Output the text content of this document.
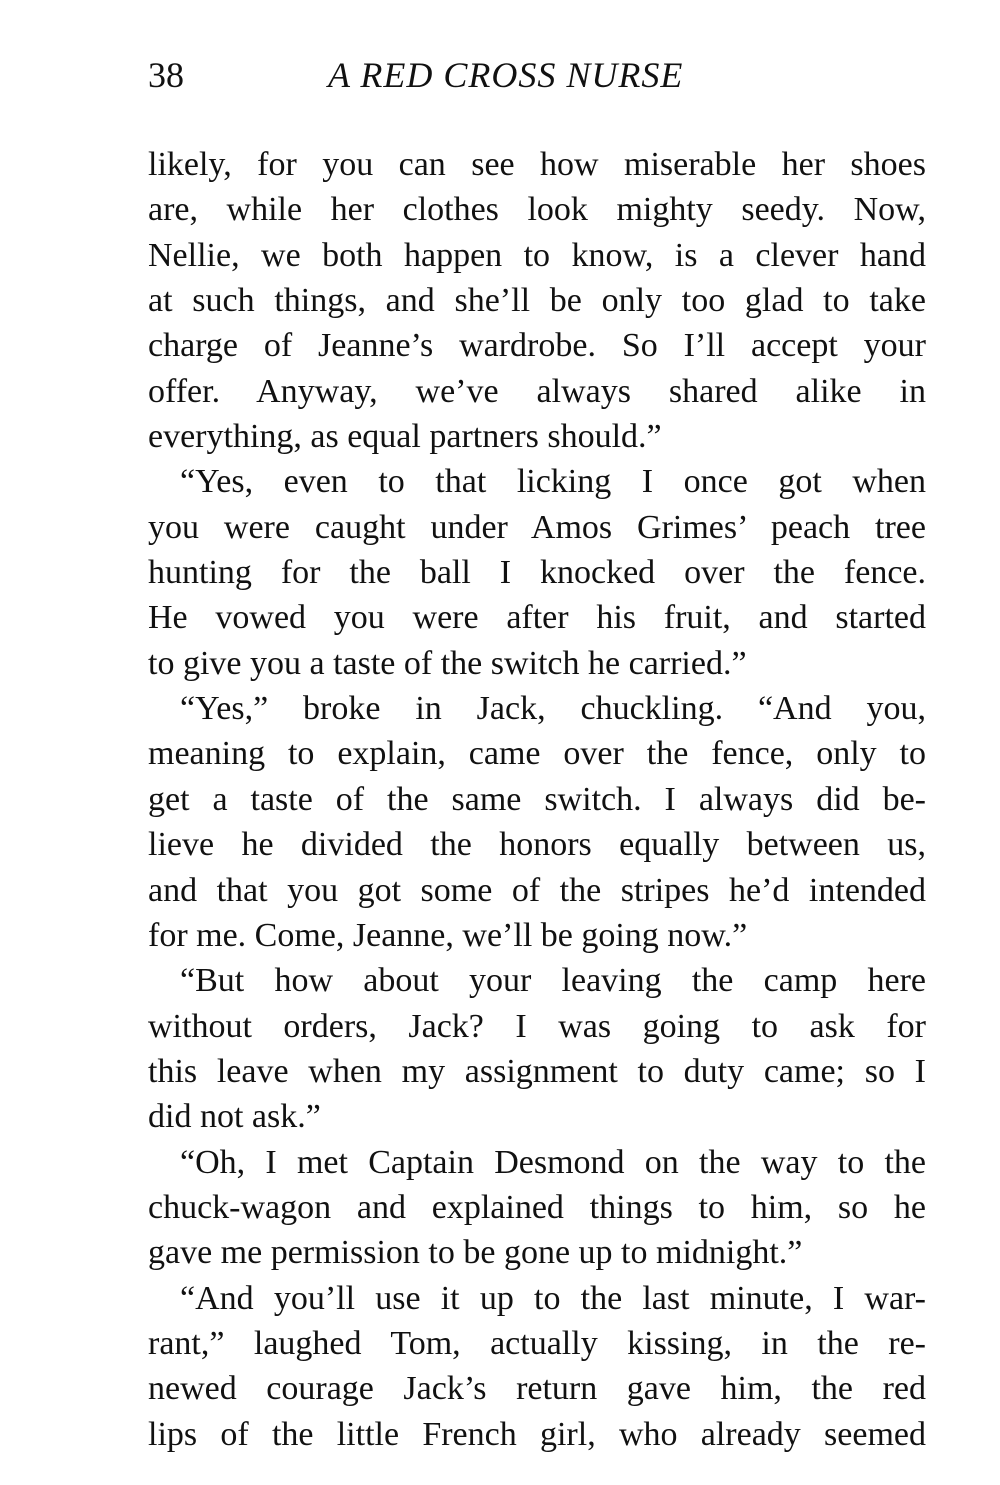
38	A RED CROSS NURSE
likely, for you can see how miserable her shoes
are, while her clothes look mighty seedy. Now,
Nellie, we both happen to know, is a clever hand
at such things, and she’ll be only too glad to take
charge of Jeanne’s wardrobe. So I’ll accept your
offer. Anyway, we’ve always shared alike in
everything, as equal partners should.”
“Yes, even to that licking I once got when
you were caught under Amos Grimes’ peach tree
hunting for the ball I knocked over the fence.
He vowed you were after his fruit, and started
to give you a taste of the switch he carried.”
“Yes,” broke in Jack, chuckling. “And you,
meaning to explain, came over the fence, only to
get a taste of the same switch. I always did be-
lieve he divided the honors equally between us,
and that you got some of the stripes he’d intended
for me. Come, Jeanne, we’ll be going now.”
“But how about your leaving the camp here
without orders, Jack? I was going to ask for
this leave when my assignment to duty came; so I
did not ask.”
“Oh, I met Captain Desmond on the way to the
chuck-wagon and explained things to him, so he
gave me permission to be gone up to midnight.”
“And you’ll use it up to the last minute, I war-
rant,” laughed Tom, actually kissing, in the re-
newed courage Jack’s return gave him, the red
lips of the little French girl, who already seemed
